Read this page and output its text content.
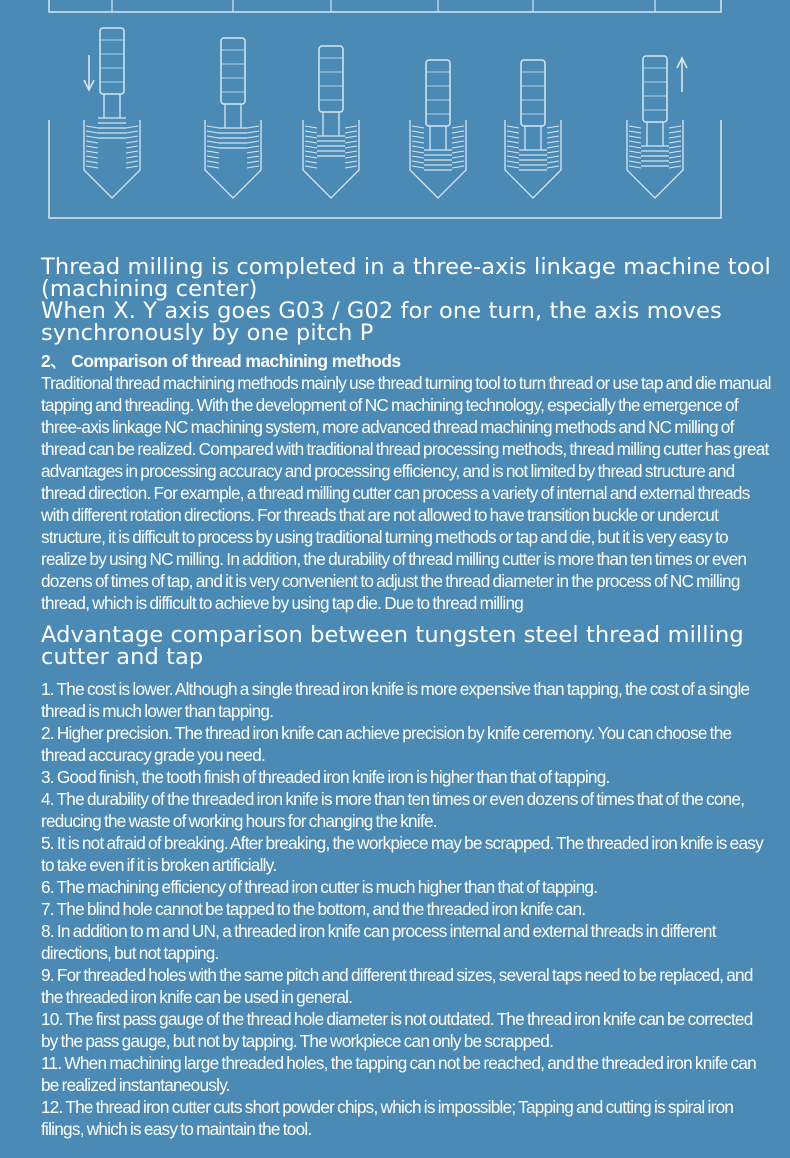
Thread milling is completed in a three-axis linkage machine tool (machining center)
When X. Y axis goes G03 / G02 for one turn, the axis moves synchronously by one pitch P
2、 Comparison of thread machining methods

Traditional thread machining methods mainly use thread turning tool to turn thread or use tap and die manual tapping and threading. With the development of NC machining technology, especially the emergence of three-axis linkage NC machining system, more advanced thread machining methods and NC milling of thread can be realized. Compared with traditional thread processing methods, thread milling cutter has great advantages in processing accuracy and processing efficiency, and is not limited by thread structure and thread direction. For example, a thread milling cutter can process a variety of internal and external threads with different rotation directions. For threads that are not allowed to have transition buckle or undercut structure, it is difficult to process by using traditional turning methods or tap and die, but it is very easy to realize by using NC milling. In addition, the durability of thread milling cutter is more than ten times or even dozens of times of tap, and it is very convenient to adjust the thread diameter in the process of NC milling thread, which is difficult to achieve by using tap die. Due to thread milling

Advantage comparison between tungsten steel thread milling cutter and tap
1. The cost is lower. Although a single thread iron knife is more expensive than tapping, the cost of a single thread is much lower than tapping.
2. Higher precision. The thread iron knife can achieve precision by knife ceremony. You can choose the thread accuracy grade you need.
3. Good finish, the tooth finish of threaded iron knife iron is higher than that of tapping.
4. The durability of the threaded iron knife is more than ten times or even dozens of times that of the cone, reducing the waste of working hours for changing the knife.
5. It is not afraid of breaking. After breaking, the workpiece may be scrapped. The threaded iron knife is easy to take even if it is broken artificially.
6. The machining efficiency of thread iron cutter is much higher than that of tapping.
7. The blind hole cannot be tapped to the bottom, and the threaded iron knife can.
8. In addition to m and UN, a threaded iron knife can process internal and external threads in different directions, but not tapping.
9. For threaded holes with the same pitch and different thread sizes, several taps need to be replaced, and the threaded iron knife can be used in general.
10. The first pass gauge of the thread hole diameter is not outdated. The thread iron knife can be corrected by the pass gauge, but not by tapping. The workpiece can only be scrapped.
11. When machining large threaded holes, the tapping can not be reached, and the threaded iron knife can be realized instantaneously.
12. The thread iron cutter cuts short powder chips, which is impossible; Tapping and cutting is spiral iron filings, which is easy to maintain the tool.
